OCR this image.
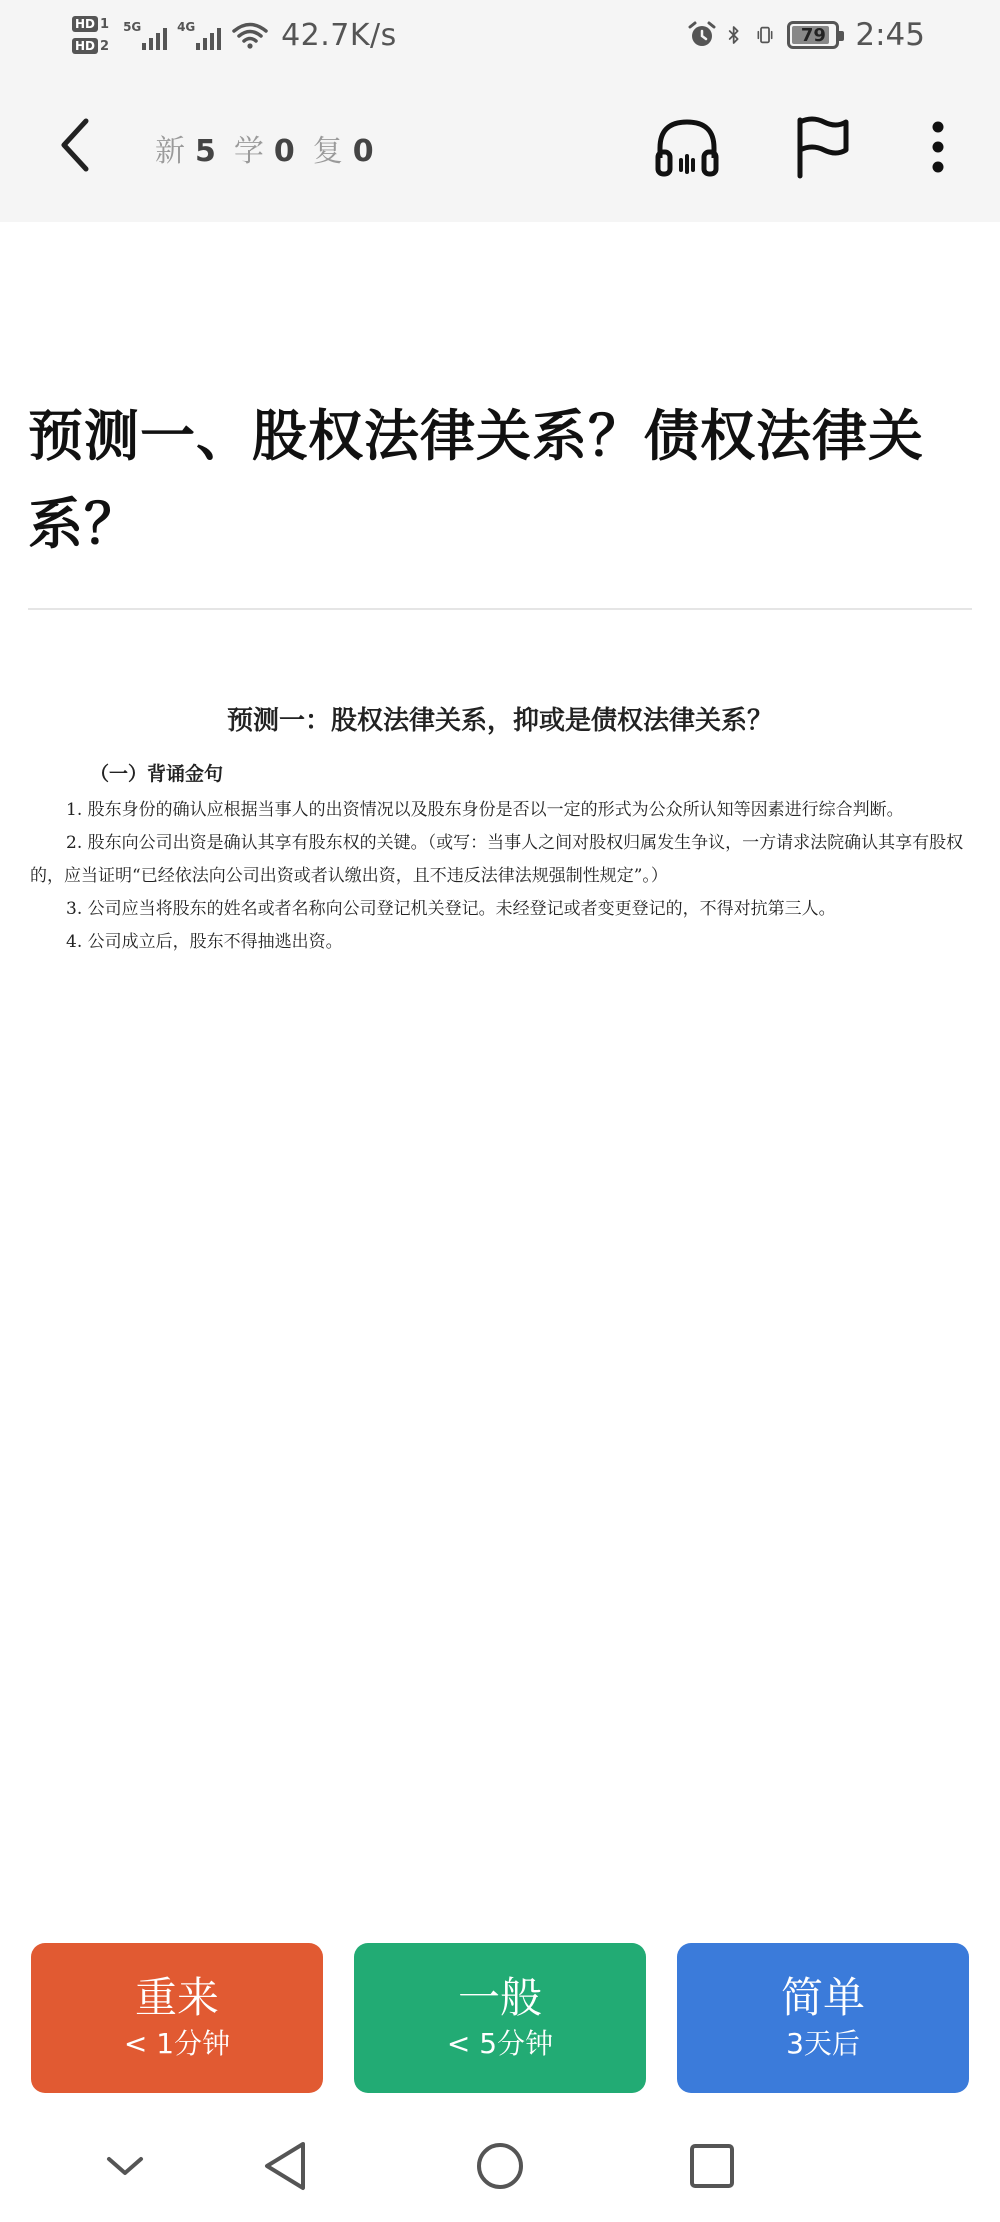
HD 1
HD 2
5G	4G	42.7K/s	79 2:45
新 5 学 0 复 0
预测一、股权法律关系？债权法律关系？
预测一：股权法律关系，抑或是债权法律关系？
（一）背诵金句

1. 股东身份的确认应根据当事人的出资情况以及股东身份是否以一定的形式为公众所认知等因素进行综合判断。

2. 股东向公司出资是确认其享有股东权的关键。（或写：当事人之间对股权归属发生争议，一方请求法院确认其享有股权的，应当证明“已经依法向公司出资或者认缴出资，且不违反法律法规强制性规定”。）

3. 公司应当将股东的姓名或者名称向公司登记机关登记。未经登记或者变更登记的，不得对抗第三人。

4. 公司成立后，股东不得抽逃出资。

重来
< 1分钟
一般
< 5分钟
简单
3天后
